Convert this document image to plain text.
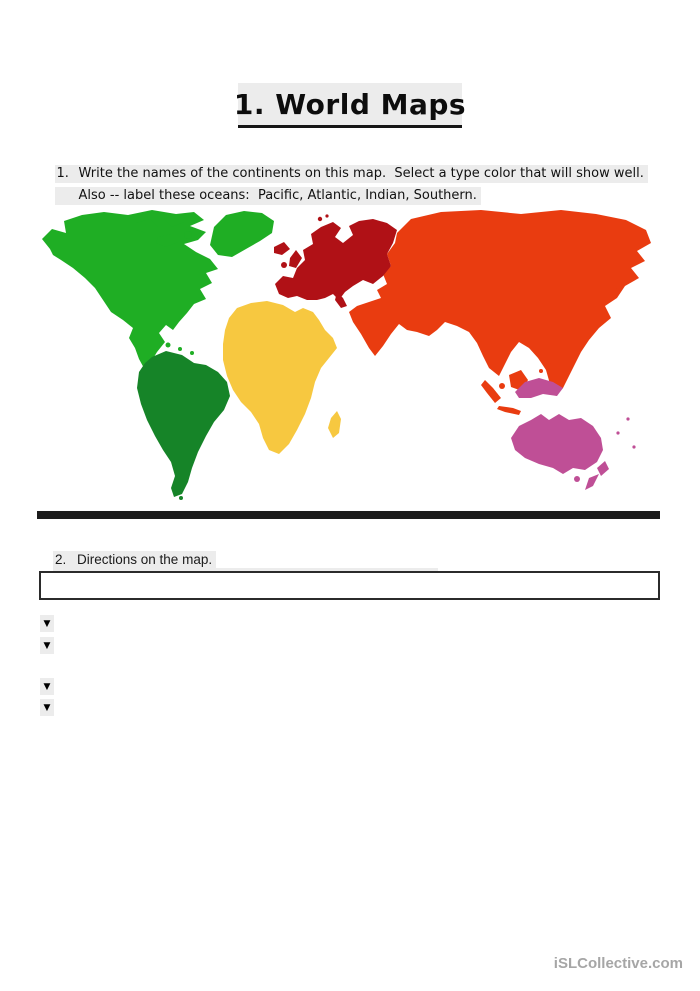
1. World Maps

1. Write the names of the continents on this map.  Select a type color that will show well.

Also -- label these oceans:  Pacific, Atlantic, Indian, Southern.

2. Directions on the map.

▼
▼
▼
▼
iSLCollective.com
